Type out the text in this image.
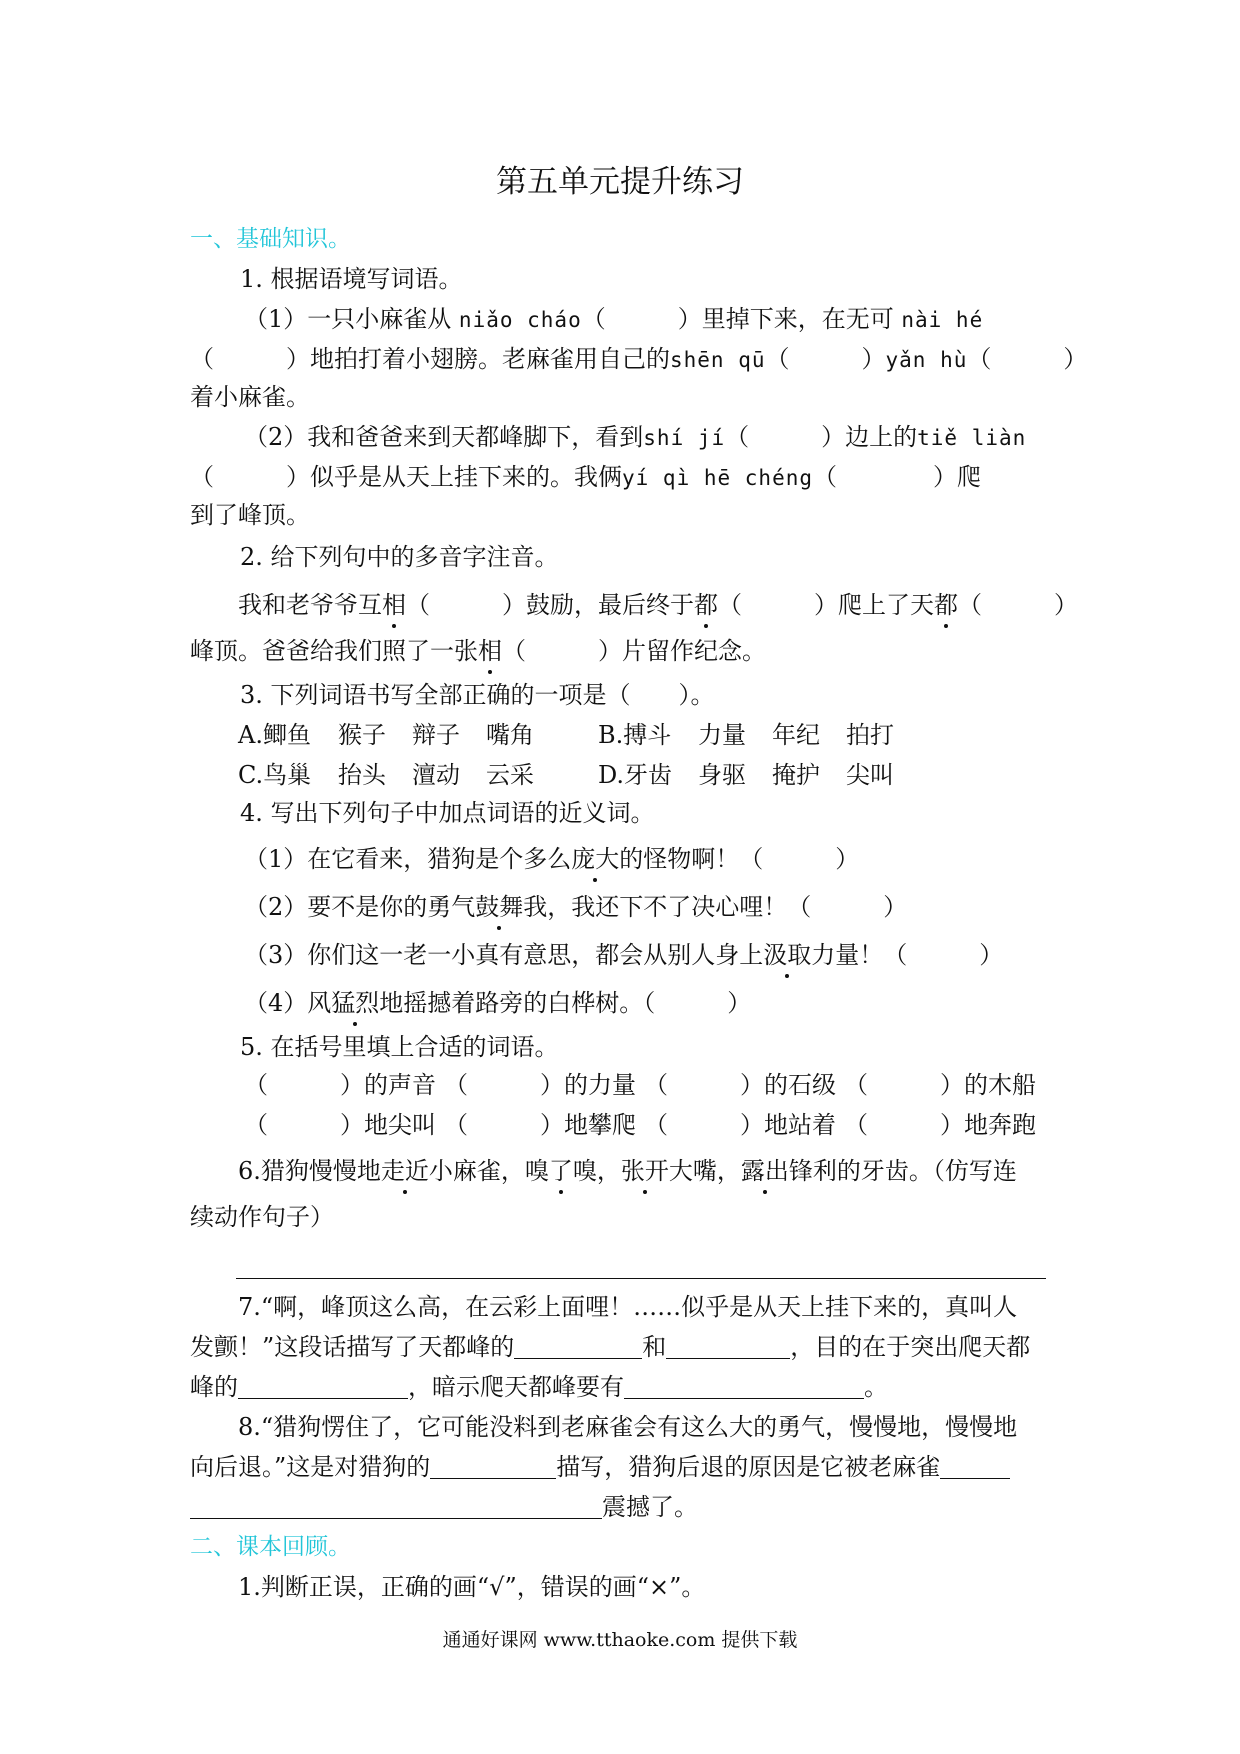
第五单元提升练习
一、基础知识。
1. 根据语境写词语。
（1）一只小麻雀从 niǎo cháo（　　　）里掉下来，在无可 nài hé
（　　　）地拍打着小翅膀。老麻雀用自己的shēn qū（　　　）yǎn hù（　　　）
着小麻雀。
（2）我和爸爸来到天都峰脚下，看到shí jí（　　　）边上的tiě liàn
（　　　）似乎是从天上挂下来的。我俩yí qì hē chéng（　　　　）爬
到了峰顶。
2. 给下列句中的多音字注音。
我和老爷爷互相（　　　）鼓励，最后终于都（　　　）爬上了天都（　　　）
峰顶。爸爸给我们照了一张相（　　　）片留作纪念。
3. 下列词语书写全部正确的一项是（　　）。
A.鲫鱼 猴子 辩子 嘴角	B.搏斗 力量 年纪 拍打
C.鸟巢 抬头 澶动 云采	D.牙齿 身驱 掩护 尖叫
4. 写出下列句子中加点词语的近义词。
（1）在它看来，猎狗是个多么庞大的怪物啊！（　　　）
（2）要不是你的勇气鼓舞我，我还下不了决心哩！（　　　）
（3）你们这一老一小真有意思，都会从别人身上汲取力量！（　　　）
（4）风猛烈地摇撼着路旁的白桦树。（　　　）
5. 在括号里填上合适的词语。
（　　　）的声音 （　　　）的力量 （　　　）的石级 （　　　）的木船
（　　　）地尖叫 （　　　）地攀爬 （　　　）地站着 （　　　）地奔跑
6.猎狗慢慢地走近小麻雀，嗅了嗅，张开大嘴，露出锋利的牙齿。（仿写连
续动作句子）
7.“啊，峰顶这么高，在云彩上面哩！……似乎是从天上挂下来的，真叫人
发颤！”这段话描写了天都峰的	和	，目的在于突出爬天都
峰的	，暗示爬天都峰要有	。
8.“猎狗愣住了，它可能没料到老麻雀会有这么大的勇气，慢慢地，慢慢地
向后退。”这是对猎狗的	描写，猎狗后退的原因是它被老麻雀
震撼了。
二、课本回顾。
1.判断正误，正确的画“√”，错误的画“×”。
通通好课网 www.tthaoke.com 提供下载
